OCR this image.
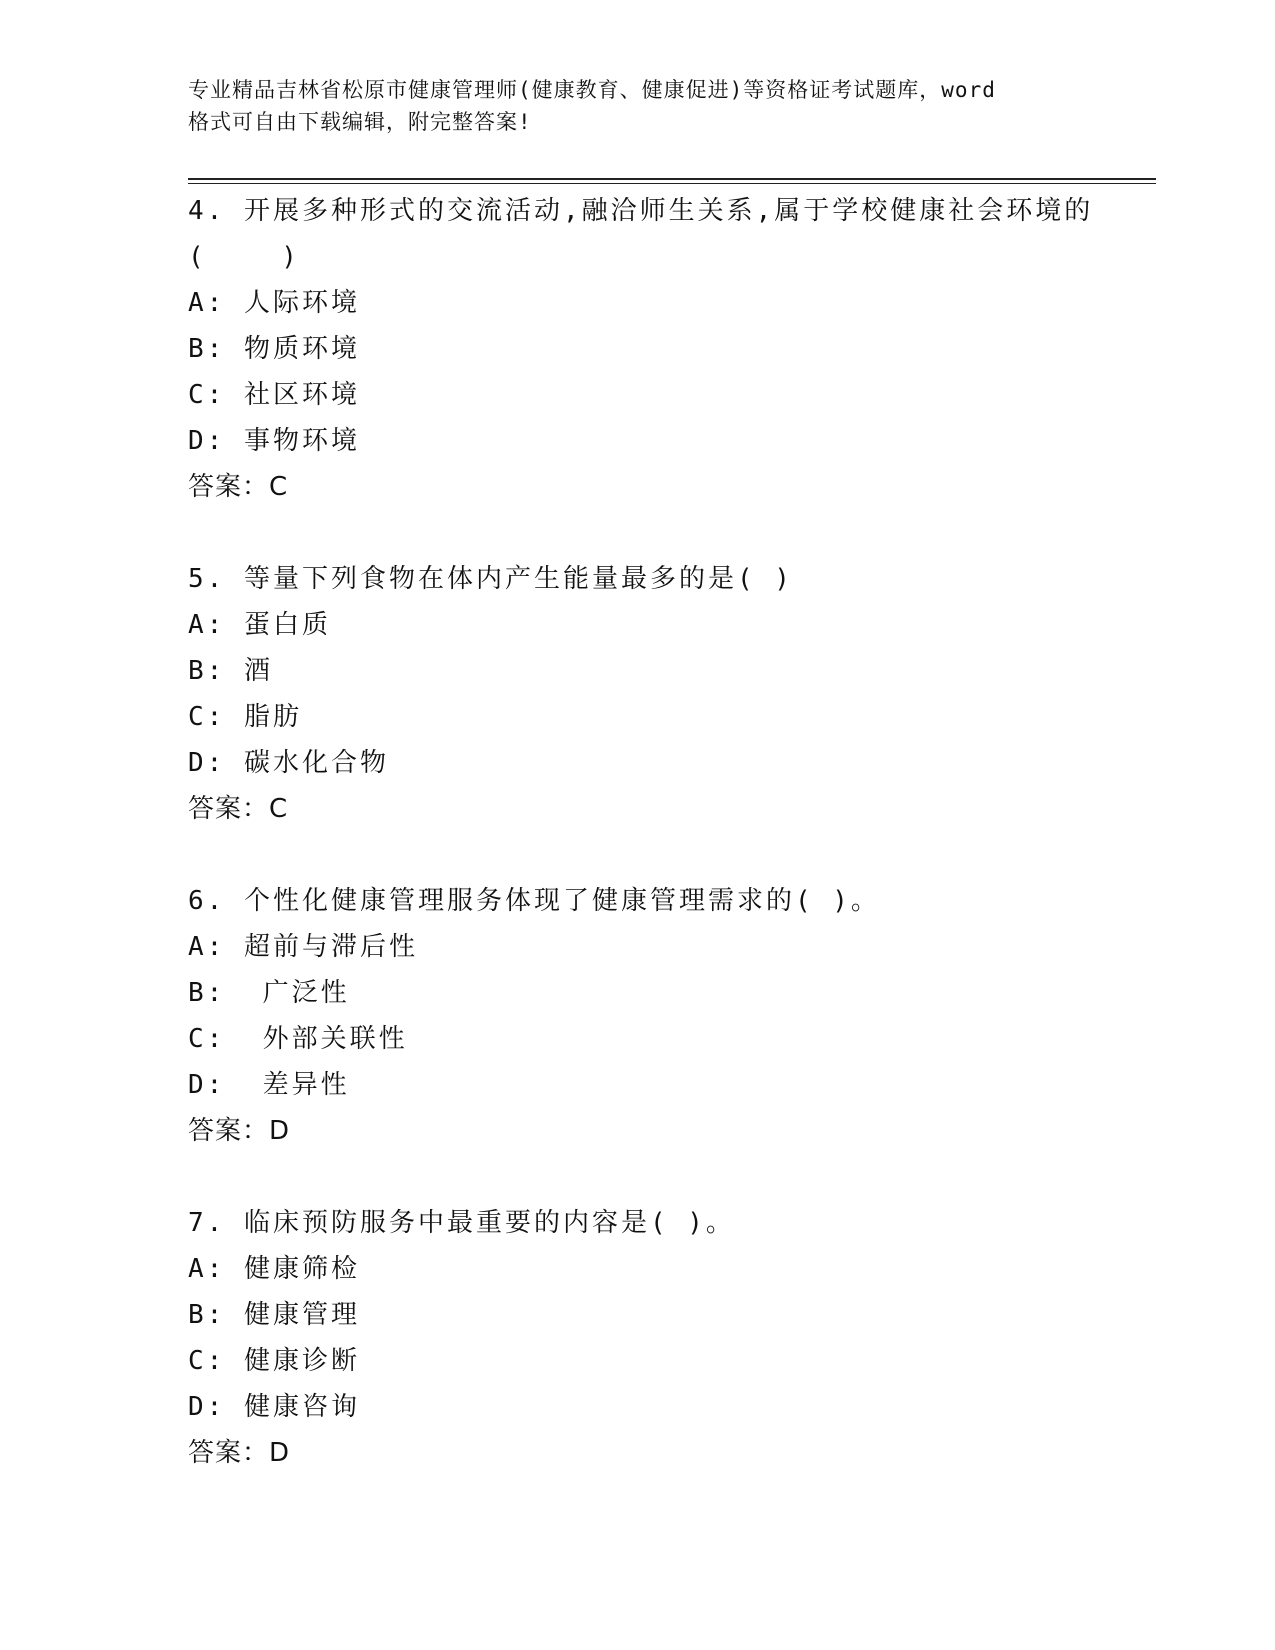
专业精品吉林省松原市健康管理师(健康教育、健康促进)等资格证考试题库，word
格式可自由下载编辑，附完整答案!
4. 开展多种形式的交流活动,融洽师生关系,属于学校健康社会环境的
(    )
A: 人际环境
B: 物质环境
C: 社区环境
D: 事物环境
答案：C
5. 等量下列食物在体内产生能量最多的是( )
A: 蛋白质
B: 酒
C: 脂肪
D: 碳水化合物
答案：C
6. 个性化健康管理服务体现了健康管理需求的( )。
A: 超前与滞后性
B:  广泛性
C:  外部关联性
D:  差异性
答案：D
7. 临床预防服务中最重要的内容是( )。
A: 健康筛检
B: 健康管理
C: 健康诊断
D: 健康咨询
答案：D
